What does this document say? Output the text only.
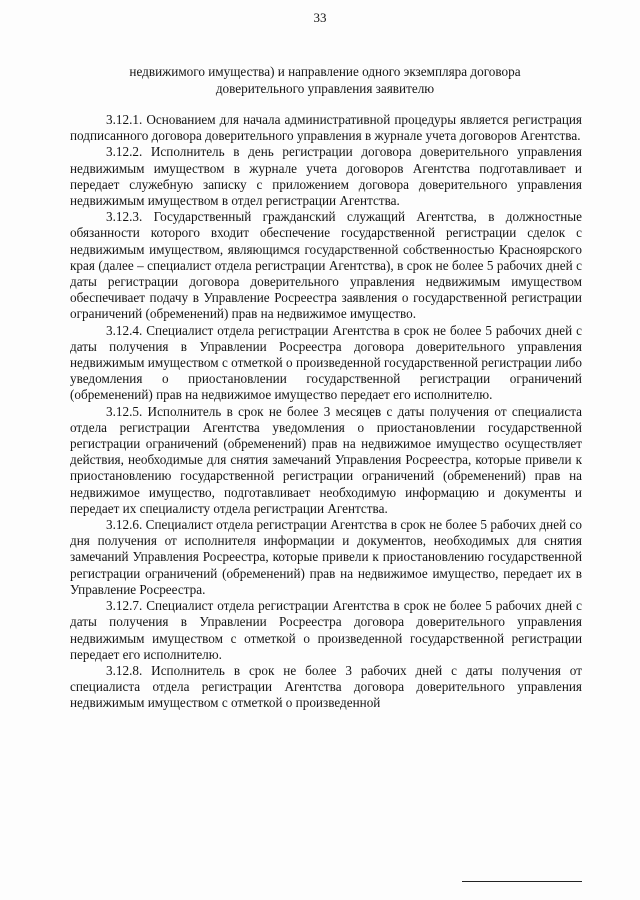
33
недвижимого имущества) и направление одного экземпляра договора
доверительного управления заявителю

3.12.1. Основанием для начала административной процедуры является регистрация подписанного договора доверительного управления в журнале учета договоров Агентства.

3.12.2. Исполнитель в день регистрации договора доверительного управления недвижимым имуществом в журнале учета договоров Агентства подготавливает и передает служебную записку с приложением договора доверительного управления недвижимым имуществом в отдел регистрации Агентства.

3.12.3. Государственный гражданский служащий Агентства, в должностные обязанности которого входит обеспечение государственной регистрации сделок с недвижимым имуществом, являющимся государственной собственностью Красноярского края (далее – специалист отдела регистрации Агентства), в срок не более 5 рабочих дней с даты регистрации договора доверительного управления недвижимым имуществом обеспечивает подачу в Управление Росреестра заявления о государственной регистрации ограничений (обременений) прав на недвижимое имущество.

3.12.4. Специалист отдела регистрации Агентства в срок не более 5 рабочих дней с даты получения в Управлении Росреестра договора доверительного управления недвижимым имуществом с отметкой о произведенной государственной регистрации либо уведомления о приостановлении государственной регистрации ограничений (обременений) прав на недвижимое имущество передает его исполнителю.

3.12.5. Исполнитель в срок не более 3 месяцев с даты получения от специалиста отдела регистрации Агентства уведомления о приостановлении государственной регистрации ограничений (обременений) прав на недвижимое имущество осуществляет действия, необходимые для снятия замечаний Управления Росреестра, которые привели к приостановлению государственной регистрации ограничений (обременений) прав на недвижимое имущество, подготавливает необходимую информацию и документы и передает их специалисту отдела регистрации Агентства.

3.12.6. Специалист отдела регистрации Агентства в срок не более 5 рабочих дней со дня получения от исполнителя информации и документов, необходимых для снятия замечаний Управления Росреестра, которые привели к приостановлению государственной регистрации ограничений (обременений) прав на недвижимое имущество, передает их в Управление Росреестра.

3.12.7. Специалист отдела регистрации Агентства в срок не более 5 рабочих дней с даты получения в Управлении Росреестра договора доверительного управления недвижимым имуществом с отметкой о произведенной государственной регистрации передает его исполнителю.

3.12.8. Исполнитель в срок не более 3 рабочих дней с даты получения от специалиста отдела регистрации Агентства договора доверительного управления недвижимым имуществом с отметкой о произведенной
